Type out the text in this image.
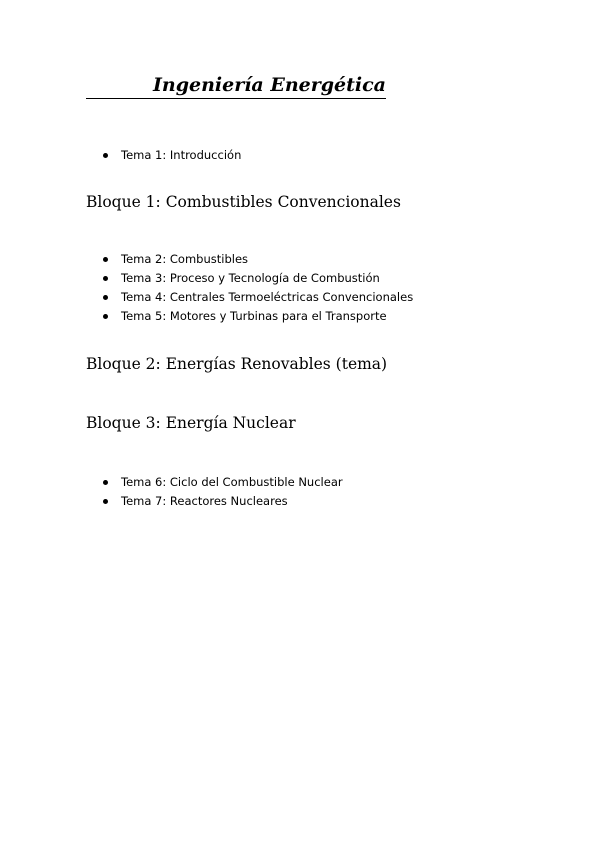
Ingeniería Energética
Tema 1: Introducción
Bloque 1: Combustibles Convencionales
Tema 2: Combustibles
Tema 3: Proceso y Tecnología de Combustión
Tema 4: Centrales Termoeléctricas Convencionales
Tema 5: Motores y Turbinas para el Transporte
Bloque 2: Energías Renovables (tema)
Bloque 3: Energía Nuclear
Tema 6: Ciclo del Combustible Nuclear
Tema 7: Reactores Nucleares
